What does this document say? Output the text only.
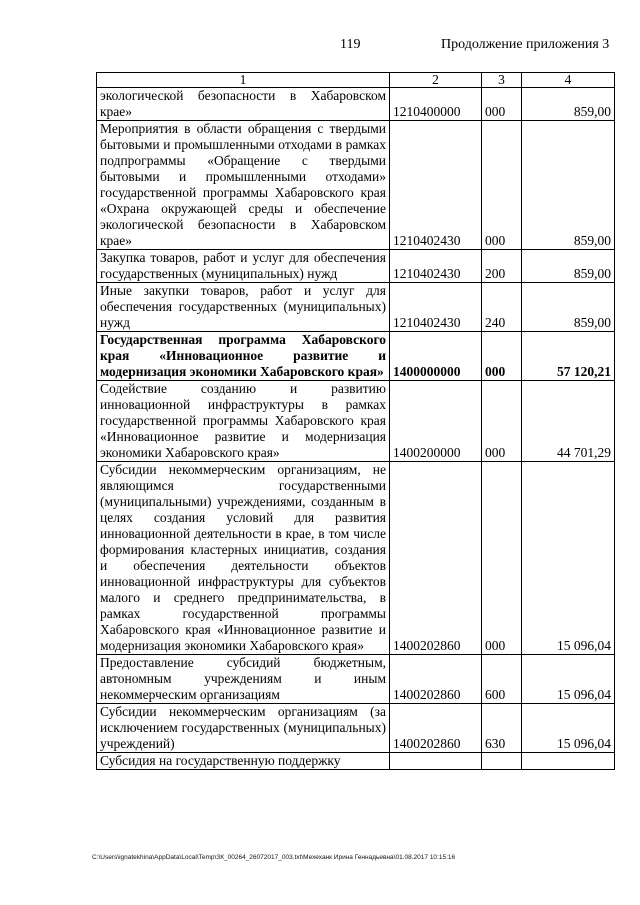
119	Продолжение приложения 3
1	2	3	4
экологической безопасности в Хабаровском крае»	1210400000	000	859,00
Мероприятия в области обращения с твердыми бытовыми и промышленными отходами в рамках подпрограммы «Обращение с твердыми бытовыми и промышленными отходами» государственной программы Хабаровского края «Охрана окружающей среды и обеспечение экологической безопасности в Хабаровском крае»	1210402430	000	859,00
Закупка товаров, работ и услуг для обеспечения государственных (муниципальных) нужд	1210402430	200	859,00
Иные закупки товаров, работ и услуг для обеспечения государственных (муниципальных) нужд	1210402430	240	859,00
Государственная программа Хабаровского края «Инновационное развитие и модернизация экономики Хабаровского края»	1400000000	000	57 120,21
Содействие созданию и развитию инновационной инфраструктуры в рамках государственной программы Хабаровского края «Инновационное развитие и модернизация экономики Хабаровского края»	1400200000	000	44 701,29
Субсидии некоммерческим организациям, не являющимся государственными (муниципальными) учреждениями, созданным в целях создания условий для развития инновационной деятельности в крае, в том числе формирования кластерных инициатив, создания и обеспечения деятельности объектов инновационной инфраструктуры для субъектов малого и среднего предпринимательства, в рамках государственной программы Хабаровского края «Инновационное развитие и модернизация экономики Хабаровского края»	1400202860	000	15 096,04
Предоставление субсидий бюджетным, автономным учреждениям и иным некоммерческим организациям	1400202860	600	15 096,04
Субсидии некоммерческим организациям (за исключением государственных (муниципальных) учреждений)	1400202860	630	15 096,04
Субсидия на государственную поддержку			
C:\Users\ignatekhina\AppData\Local\Temp\ЗК_00264_26072017_003.txt\Мехеханк Ирина Геннадьевна\01.08.2017 10:15:16
